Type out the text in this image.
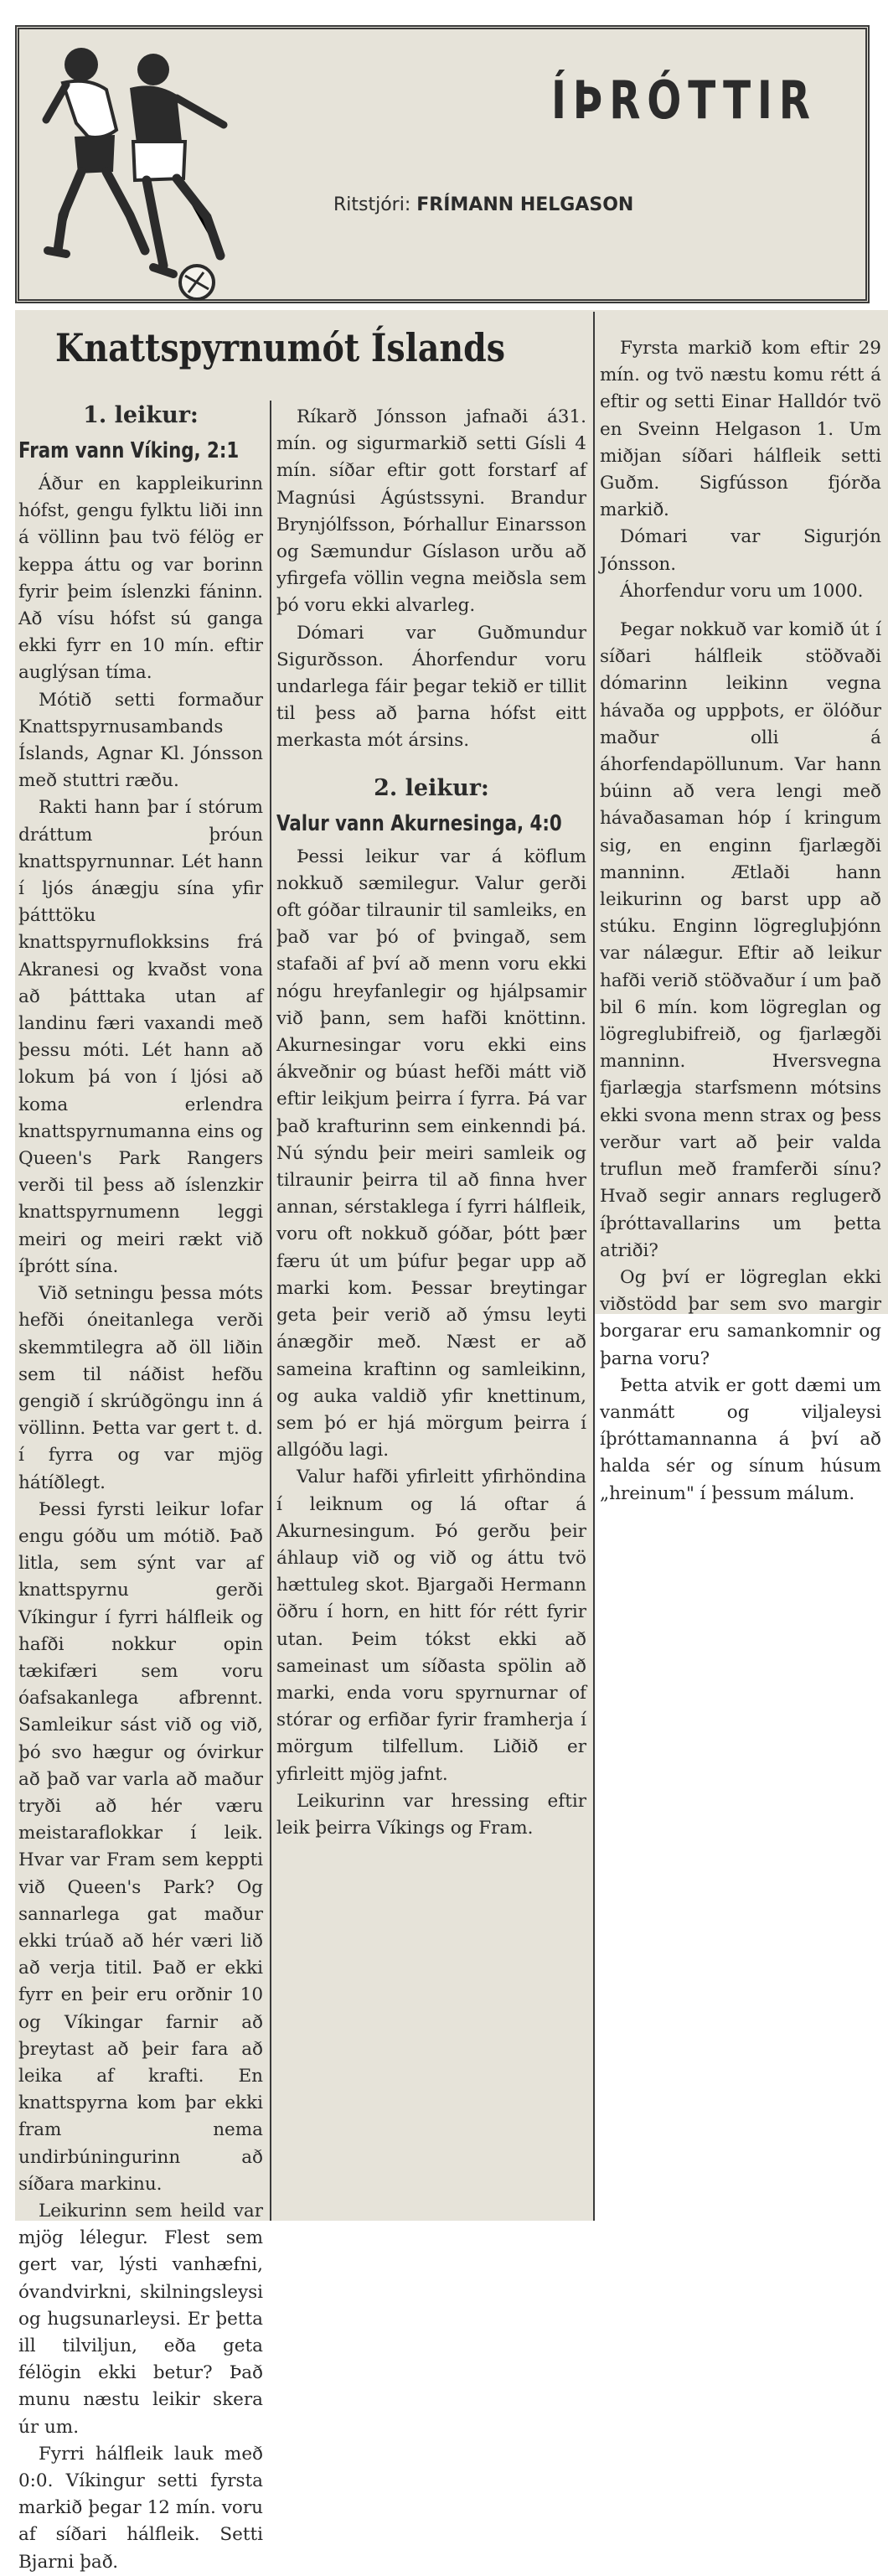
ÍÞRÓTTIR
Ritstjóri: FRÍMANN HELGASON
Knattspyrnumót Íslands
1. leikur:
Fram vann Víking, 2:1

Áður en kappleikurinn hófst, gengu fylktu liði inn á völlinn þau tvö félög er keppa áttu og var borinn fyrir þeim íslenzki fáninn. Að vísu hófst sú ganga ekki fyrr en 10 mín. eftir auglýsan tíma.

Mótið setti formaður Knattspyrnusambands Íslands, Agnar Kl. Jónsson með stuttri ræðu.

Rakti hann þar í stórum dráttum þróun knattspyrnunnar. Lét hann í ljós ánægju sína yfir þátttöku knattspyrnuflokksins frá Akranesi og kvaðst vona að þátttaka utan af landinu færi vaxandi með þessu móti. Lét hann að lokum þá von í ljósi að koma erlendra knattspyrnumanna eins og Queen's Park Rangers verði til þess að íslenzkir knattspyrnumenn leggi meiri og meiri rækt við íþrótt sína.

Við setningu þessa móts hefði óneitanlega verði skemmtilegra að öll liðin sem til náðist hefðu gengið í skrúðgöngu inn á völlinn. Þetta var gert t. d. í fyrra og var mjög hátíðlegt.

Þessi fyrsti leikur lofar engu góðu um mótið. Það litla, sem sýnt var af knattspyrnu gerði Víkingur í fyrri hálfleik og hafði nokkur opin tækifæri sem voru óafsakanlega afbrennt. Samleikur sást við og við, þó svo hægur og óvirkur að það var varla að maður tryði að hér væru meistaraflokkar í leik. Hvar var Fram sem keppti við Queen's Park? Og sannarlega gat maður ekki trúað að hér væri lið að verja titil. Það er ekki fyrr en þeir eru orðnir 10 og Víkingar farnir að þreytast að þeir fara að leika af krafti. En knattspyrna kom þar ekki fram nema undirbúningurinn að síðara markinu.

Leikurinn sem heild var mjög lélegur. Flest sem gert var, lýsti vanhæfni, óvandvirkni, skilningsleysi og hugsunarleysi. Er þetta ill tilviljun, eða geta félögin ekki betur? Það munu næstu leikir skera úr um.

Fyrri hálfleik lauk með 0:0. Víkingur setti fyrsta markið þegar 12 mín. voru af síðari hálfleik. Setti Bjarni það.

Ríkarð Jónsson jafnaði á31. mín. og sigurmarkið setti Gísli 4 mín. síðar eftir gott forstarf af Magnúsi Ágústssyni. Brandur Brynjólfsson, Þórhallur Einarsson og Sæmundur Gíslason urðu að yfirgefa völlin vegna meiðsla sem þó voru ekki alvarleg.

Dómari var Guðmundur Sigurðsson. Áhorfendur voru undarlega fáir þegar tekið er tillit til þess að þarna hófst eitt merkasta mót ársins.

2. leikur:
Valur vann Akurnesinga, 4:0

Þessi leikur var á köflum nokkuð sæmilegur. Valur gerði oft góðar tilraunir til samleiks, en það var þó of þvingað, sem stafaði af því að menn voru ekki nógu hreyfanlegir og hjálpsamir við þann, sem hafði knöttinn. Akurnesingar voru ekki eins ákveðnir og búast hefði mátt við eftir leikjum þeirra í fyrra. Þá var það krafturinn sem einkenndi þá. Nú sýndu þeir meiri samleik og tilraunir þeirra til að finna hver annan, sérstaklega í fyrri hálfleik, voru oft nokkuð góðar, þótt þær færu út um þúfur þegar upp að marki kom. Þessar breytingar geta þeir verið að ýmsu leyti ánægðir með. Næst er að sameina kraftinn og samleikinn, og auka valdið yfir knettinum, sem þó er hjá mörgum þeirra í allgóðu lagi.

Valur hafði yfirleitt yfirhöndina í leiknum og lá oftar á Akurnesingum. Þó gerðu þeir áhlaup við og við og áttu tvö hættuleg skot. Bjargaði Hermann öðru í horn, en hitt fór rétt fyrir utan. Þeim tókst ekki að sameinast um síðasta spölin að marki, enda voru spyrnurnar of stórar og erfiðar fyrir framherja í mörgum tilfellum. Liðið er yfirleitt mjög jafnt.

Leikurinn var hressing eftir leik þeirra Víkings og Fram.

Fyrsta markið kom eftir 29 mín. og tvö næstu komu rétt á eftir og setti Einar Halldór tvö en Sveinn Helgason 1. Um miðjan síðari hálfleik setti Guðm. Sigfússon fjórða markið.

Dómari var Sigurjón Jónsson.

Áhorfendur voru um 1000.

Þegar nokkuð var komið út í síðari hálfleik stöðvaði dómarinn leikinn vegna hávaða og uppþots, er ölóður maður olli á áhorfendapöllunum. Var hann búinn að vera lengi með hávaðasaman hóp í kringum sig, en enginn fjarlægði manninn. Ætlaði hann leikurinn og barst upp að stúku. Enginn lögregluþjónn var nálægur. Eftir að leikur hafði verið stöðvaður í um það bil 6 mín. kom lögreglan og lögreglubifreið, og fjarlægði manninn. Hversvegna fjarlægja starfsmenn mótsins ekki svona menn strax og þess verður vart að þeir valda truflun með framferði sínu? Hvað segir annars reglugerð íþróttavallarins um þetta atriði?

Og því er lögreglan ekki viðstödd þar sem svo margir borgarar eru samankomnir og þarna voru?

Þetta atvik er gott dæmi um vanmátt og viljaleysi íþróttamannanna á því að halda sér og sínum húsum „hreinum" í þessum málum.
